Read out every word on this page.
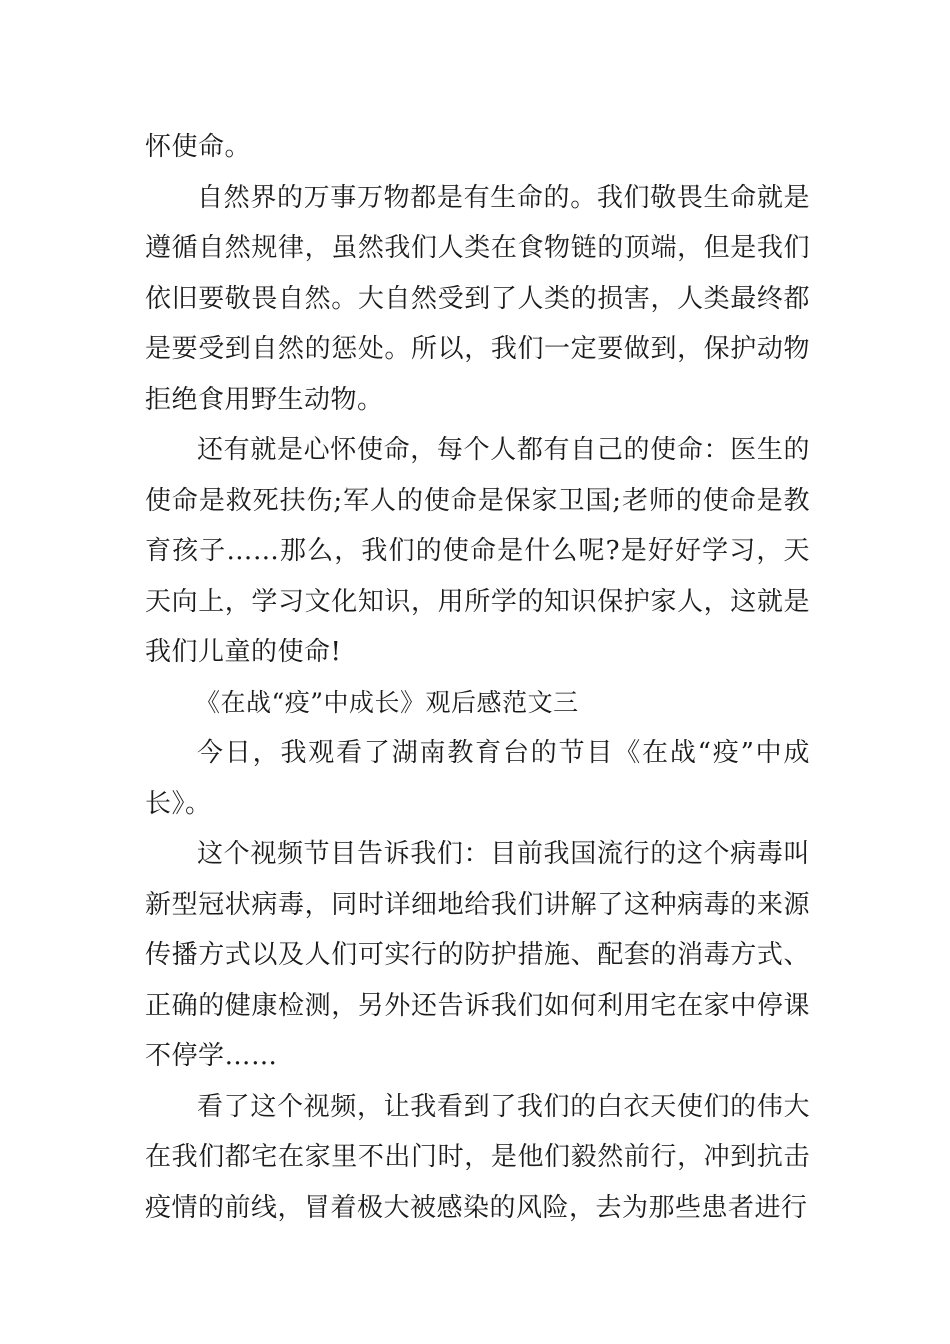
怀使命。

自然界的万事万物都是有生命的。我们敬畏生命就是遵循自然规律，虽然我们人类在食物链的顶端，但是我们依旧要敬畏自然。大自然受到了人类的损害，人类最终都是要受到自然的惩处。所以，我们一定要做到，保护动物拒绝食用野生动物。

还有就是心怀使命，每个人都有自己的使命：医生的使命是救死扶伤;军人的使命是保家卫国;老师的使命是教育孩子……那么，我们的使命是什么呢?是好好学习，天天向上，学习文化知识，用所学的知识保护家人，这就是我们儿童的使命!

《在战“疫”中成长》观后感范文三

今日，我观看了湖南教育台的节目《在战“疫”中成长》。

这个视频节目告诉我们：目前我国流行的这个病毒叫新型冠状病毒，同时详细地给我们讲解了这种病毒的来源传播方式以及人们可实行的防护措施、配套的消毒方式、正确的健康检测，另外还告诉我们如何利用宅在家中停课不停学……

看了这个视频，让我看到了我们的白衣天使们的伟大在我们都宅在家里不出门时，是他们毅然前行，冲到抗击疫情的前线，冒着极大被感染的风险，去为那些患者进行
